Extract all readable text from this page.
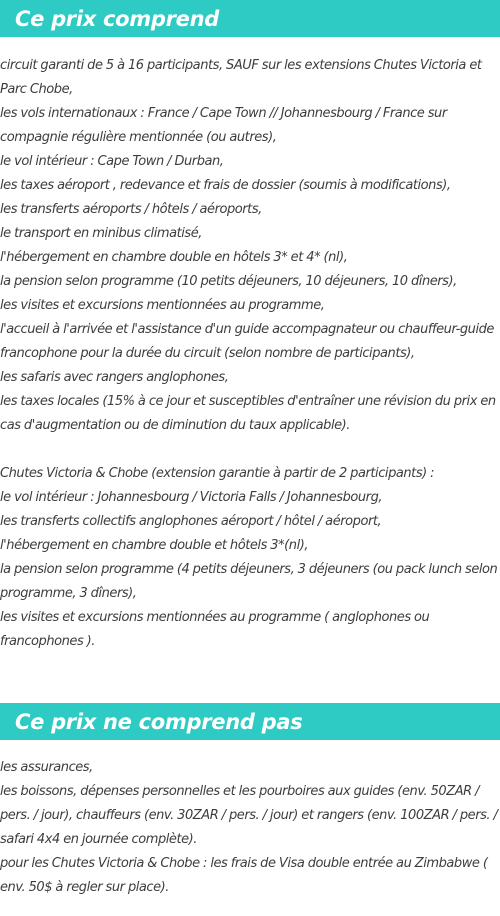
Ce prix comprend
circuit garanti de 5 à 16 participants, SAUF sur les extensions Chutes Victoria et Parc Chobe,
les vols internationaux : France / Cape Town // Johannesbourg / France sur compagnie régulière mentionnée (ou autres),
le vol intérieur : Cape Town / Durban,
les taxes aéroport , redevance et frais de dossier (soumis à modifications),
les transferts aéroports / hôtels / aéroports,
le transport en minibus climatisé,
l'hébergement en chambre double en hôtels 3* et 4* (nl),
la pension selon programme (10 petits déjeuners, 10 déjeuners, 10 dîners),
les visites et excursions mentionnées au programme,
l'accueil à l'arrivée et l'assistance d'un guide accompagnateur ou chauffeur-guide francophone pour la durée du circuit (selon nombre de participants),
les safaris avec rangers anglophones,
les taxes locales (15% à ce jour et susceptibles d'entraîner une révision du prix en cas d'augmentation ou de diminution du taux applicable).
Chutes Victoria & Chobe (extension garantie à partir de 2 participants) :
le vol intérieur : Johannesbourg / Victoria Falls / Johannesbourg,
les transferts collectifs anglophones aéroport / hôtel / aéroport,
l'hébergement en chambre double et hôtels 3*(nl),
la pension selon programme (4 petits déjeuners, 3 déjeuners (ou pack lunch selon programme, 3 dîners),
les visites et excursions mentionnées au programme ( anglophones ou francophones ).
Ce prix ne comprend pas
les assurances,
les boissons, dépenses personnelles et les pourboires aux guides (env. 50ZAR / pers. / jour), chauffeurs (env. 30ZAR / pers. / jour) et rangers (env. 100ZAR / pers. / safari 4x4 en journée complète).
pour les Chutes Victoria & Chobe : les frais de Visa double entrée au Zimbabwe ( env. 50$ à regler sur place).
